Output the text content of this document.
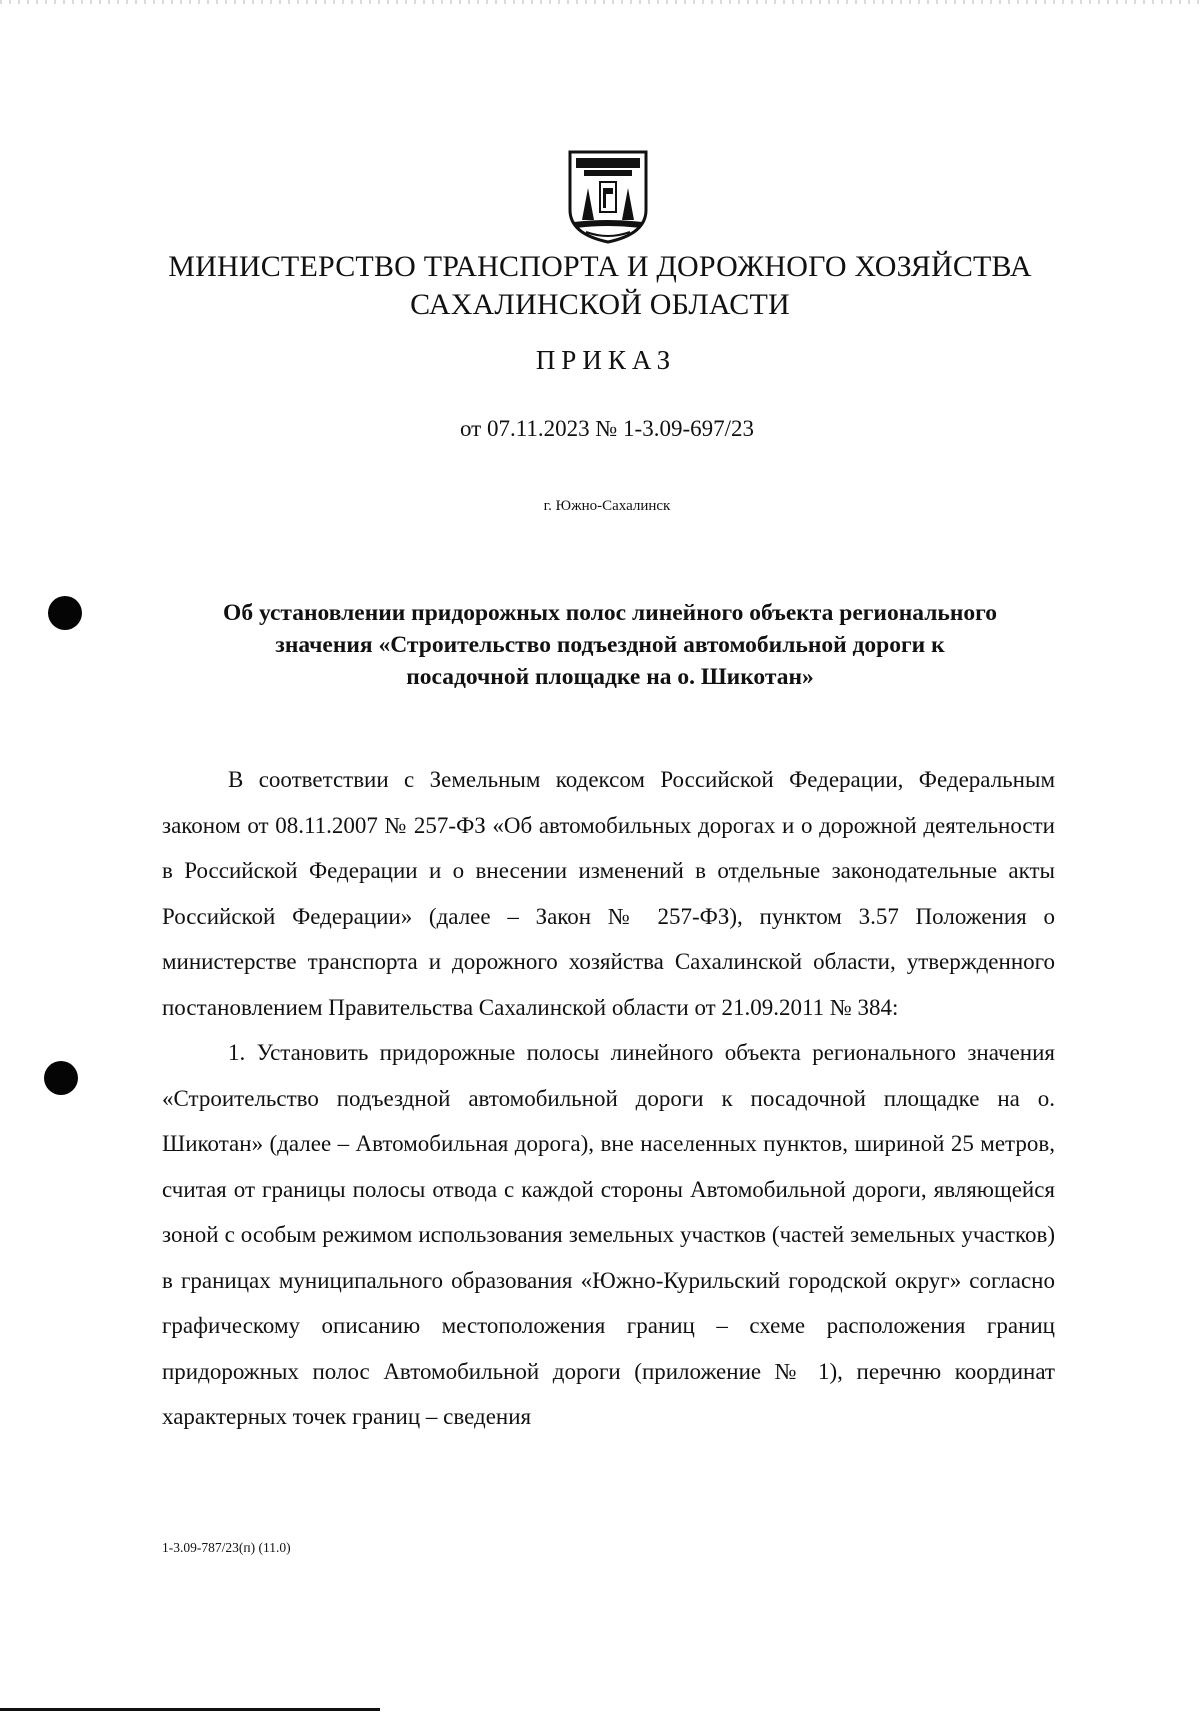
МИНИСТЕРСТВО ТРАНСПОРТА И ДОРОЖНОГО ХОЗЯЙСТВА
САХАЛИНСКОЙ ОБЛАСТИ
ПРИКАЗ
от 07.11.2023 № 1-3.09-697/23
г. Южно-Сахалинск
Об установлении придорожных полос линейного объекта регионального
значения «Строительство подъездной автомобильной дороги к
посадочной площадке на о. Шикотан»

В соответствии с Земельным кодексом Российской Федерации, Федеральным законом от 08.11.2007 № 257-ФЗ «Об автомобильных дорогах и о дорожной деятельности в Российской Федерации и о внесении изменений в отдельные законодательные акты Российской Федерации» (далее – Закон № 257-ФЗ), пунктом 3.57 Положения о министерстве транспорта и дорожного хозяйства Сахалинской области, утвержденного постановлением Правительства Сахалинской области от 21.09.2011 № 384:

1. Установить придорожные полосы линейного объекта регионального значения «Строительство подъездной автомобильной дороги к посадочной площадке на о. Шикотан» (далее – Автомобильная дорога), вне населенных пунктов, шириной 25 метров, считая от границы полосы отвода с каждой стороны Автомобильной дороги, являющейся зоной с особым режимом использования земельных участков (частей земельных участков) в границах муниципального образования «Южно-Курильский городской округ» согласно графическому описанию местоположения границ – схеме расположения границ придорожных полос Автомобильной дороги (приложение № 1), перечню координат характерных точек границ – сведения

1-3.09-787/23(п) (11.0)
